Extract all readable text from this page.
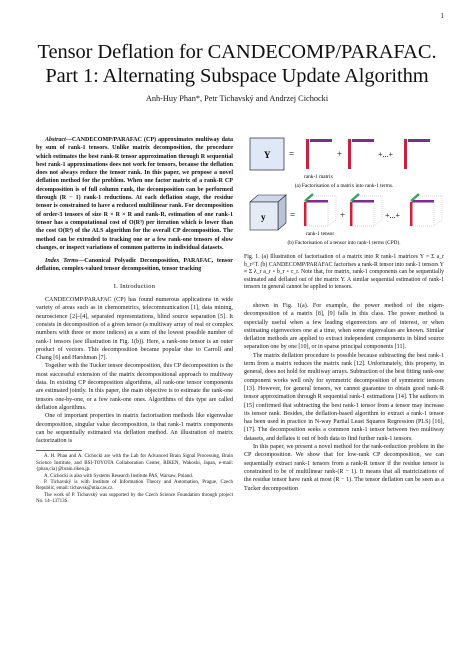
1
Tensor Deflation for CANDECOMP/PARAFAC.
Part 1: Alternating Subspace Update Algorithm
Anh-Huy Phan*, Petr Tichavský and Andrzej Cichocki

Abstract—CANDECOMP/PARAFAC (CP) approximates multiway data by sum of rank-1 tensors. Unlike matrix decomposition, the procedure which estimates the best rank-R tensor approximation through R sequential best rank-1 approximations does not work for tensors, because the deflation does not always reduce the tensor rank. In this paper, we propose a novel deflation method for the problem. When one factor matrix of a rank-R CP decomposition is of full column rank, the decomposition can be performed through (R − 1) rank-1 reductions. At each deflation stage, the residue tensor is constrained to have a reduced multilinear rank. For decomposition of order-3 tensors of size R × R × R and rank-R, estimation of one rank-1 tensor has a computational cost of O(R³) per iteration which is lower than the cost O(R⁴) of the ALS algorithm for the overall CP decomposition. The method can be extended to tracking one or a few rank-one tensors of slow changes, or inspect variations of common patterns in individual datasets.

Index Terms—Canonical Polyadic Decomposition, PARAFAC, tensor deflation, complex-valued tensor decomposition, tensor tracking

I. Introduction

CANDECOMP/PARAFAC (CP) has found numerous applications in wide variety of areas such as in chemometrics, telecommunication [1], data mining, neuroscience [2]–[4], separated representations, blind source separation [5]. It consists in decomposition of a given tensor (a multiway array of real or complex numbers with three or more indices) as a sum of the lowest possible number of rank-1 tensors (see illustration in Fig. 1(b)). Here, a rank-one tensor is an outer product of vectors. This decomposition became popular due to Carroll and Chang [6] and Harshman [7].

Together with the Tucker tensor decomposition, this CP decomposition is the most successful extension of the matrix decompositional approach to multiway data. In existing CP decomposition algorithms, all rank-one tensor components are estimated jointly. In this paper, the main objective is to estimate the rank-one tensors one-by-one, or a few rank-one ones. Algorithms of this type are called deflation algorithms.

One of important properties in matrix factorisation methods like eigenvalue decomposition, singular value decomposition, is that rank-1 matrix components can be sequentially estimated via deflation method. An illustration of matrix factorization is

A. H. Phan and A. Cichocki are with the Lab for Advanced Brain Signal Processing, Brain Science Institute, and BSI-TOYOTA Collaboration Center, RIKEN, Wakoshi, Japan, e-mail: {phan,cia}@brain.riken.jp.

A. Cichocki is also with Systems Research Institute PAS, Warsaw, Poland.

P. Tichavský is with Institute of Information Theory and Automation, Prague, Czech Republic, email: tichavsk@utia.cas.cz.

The work of P. Tichavský was supported by the Czech Science Foundation through project No. 14–13713S.

Y =	+	+...+
rank-1 matrix
(a) Factorisation of a matrix into rank-1 terms.
y	=	+	+...+
rank-1 tensor
(b) Factorisation of a tensor into rank-1 terms (CPD).

Fig. 1. (a) Illustration of factorisation of a matrix into R rank-1 matrices Y = Σ a_r b_r^T. (b) CANDECOMP/PARAFAC factorises a rank-R tensor into rank-1 tensors Y ≈ Σ λ_r a_r ∘ b_r ∘ c_r. Note that, for matrix, rank-1 components can be sequentially estimated and deflated out of the matrix Y. A similar sequential estimation of rank-1 tensors in general cannot be applied to tensors.

shown in Fig. 1(a). For example, the power method of the eigen-decomposition of a matrix [8], [9] falls in this class. The power method is especially useful when a few leading eigenvectors are of interest, or when estimating eigenvectors one at a time, when some eigenvalues are known. Similar deflation methods are applied to extract independent components in blind source separation one by one [10], or in sparse principal components [11].

The matrix deflation procedure is possible because subtracting the best rank-1 term from a matrix reduces the matrix rank [12]. Unfortunately, this property, in general, does not hold for multiway arrays. Subtraction of the best fitting rank-one component works well only for symmetric decomposition of symmetric tensors [13]. However, for general tensors, we cannot guarantee to obtain good rank-R tensor approximation through R sequential rank-1 estimations [14]. The authors in [15] confirmed that subtracting the best rank-1 tensor from a tensor may increase its tensor rank. Besides, the deflation-based algorithm to extract a rank-1 tensor has been used in practice in N-way Partial Least Squares Regression (PLS) [16], [17]. The decomposition seeks a common rank-1 tensor between two multiway datasets, and deflates it out of both data to find further rank-1 tensors.

In this paper, we present a novel method for the rank-reduction problem in the CP decomposition. We show that for low-rank CP decomposition, we can sequentially extract rank-1 tensors from a rank-R tensor if the residue tensor is constrained to be of multilinear rank-(R − 1). It means that all matricizations of the residue tensor have rank at most (R − 1). The tensor deflation can be seen as a Tucker decomposition
